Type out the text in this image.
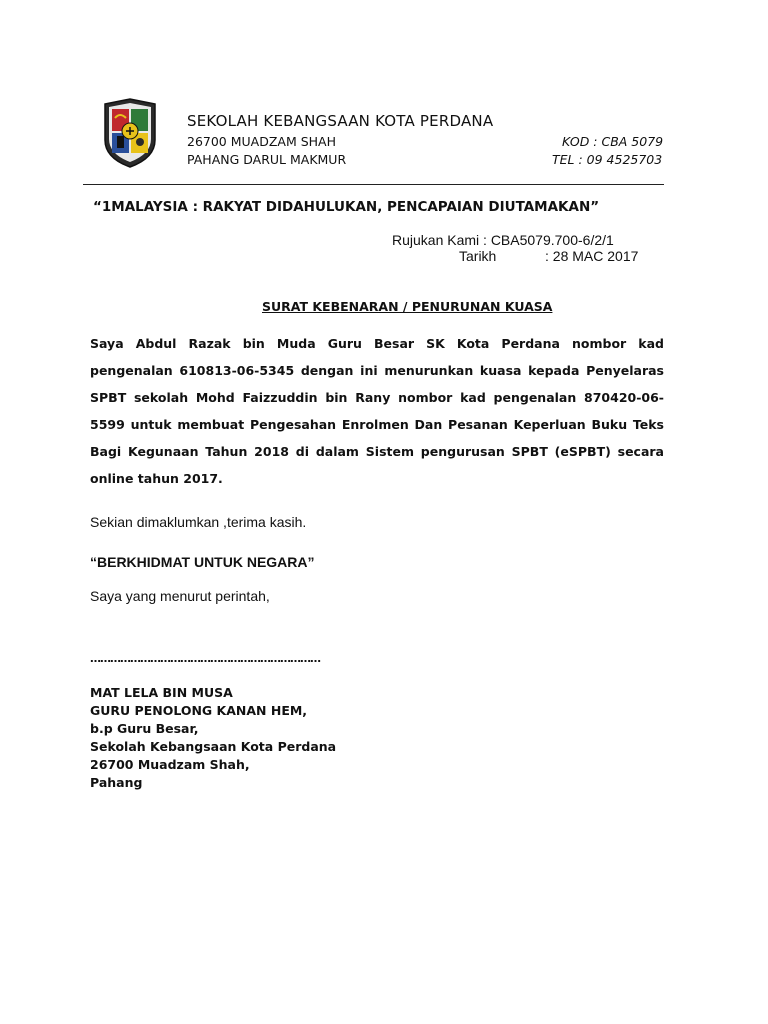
SEKOLAH KEBANGSAAN KOTA PERDANA
26700 MUADZAM SHAH
PAHANG DARUL MAKMUR
KOD : CBA 5079
TEL : 09 4525703
“1MALAYSIA : RAKYAT DIDAHULUKAN, PENCAPAIAN DIUTAMAKAN”
Rujukan Kami : CBA5079.700-6/2/1
Tarikh	: 28 MAC 2017
SURAT KEBENARAN / PENURUNAN KUASA

Saya Abdul Razak bin Muda Guru Besar SK Kota Perdana nombor kad pengenalan 610813-06-5345 dengan ini menurunkan kuasa kepada Penyelaras SPBT sekolah Mohd Faizzuddin bin Rany nombor kad pengenalan 870420-06-5599 untuk membuat Pengesahan Enrolmen Dan Pesanan Keperluan Buku Teks Bagi Kegunaan Tahun 2018 di dalam Sistem pengurusan SPBT (eSPBT) secara online tahun 2017.

Sekian dimaklumkan ,terima kasih.
“BERKHIDMAT UNTUK NEGARA”
Saya yang menurut perintah,
……………………………………………………………
MAT LELA BIN MUSA
GURU PENOLONG KANAN HEM,
b.p Guru Besar,
Sekolah Kebangsaan Kota Perdana
26700 Muadzam Shah,
Pahang
